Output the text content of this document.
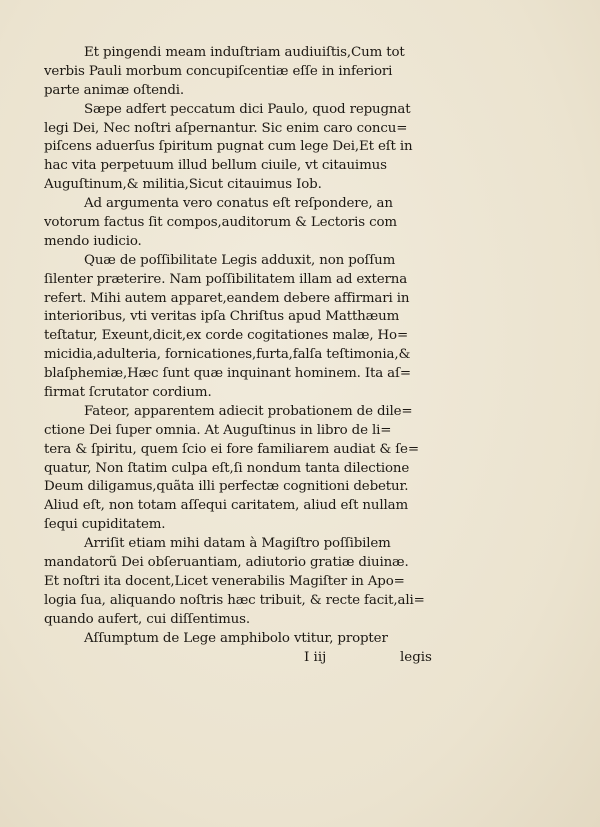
Et pingendi meam induſtriam audiuiſtis,Cum tot
verbis Pauli morbum concupiſcentiæ eſſe in inferiori
parte animæ oſtendi.
Sæpe adfert peccatum dici Paulo, quod repugnat
legi Dei, Nec noſtri aſpernantur. Sic enim caro concu=
piſcens aduerſus ſpiritum pugnat cum lege Dei,Et eſt in
hac vita perpetuum illud bellum ciuile, vt citauimus
Auguſtinum,& militia,Sicut citauimus Iob.
Ad argumenta vero conatus eſt reſpondere, an
votorum factus ſit compos,auditorum & Lectoris com
mendo iudicio.
Quæ de poſſibilitate Legis adduxit, non poſſum
ſilenter præterire. Nam poſſibilitatem illam ad externa
refert. Mihi autem apparet,eandem debere affirmari in
interioribus, vti veritas ipſa Chriſtus apud Matthæum
teſtatur, Exeunt,dicit,ex corde cogitationes malæ, Ho=
micidia,adulteria, fornicationes,furta,falſa teſtimonia,&
blaſphemiæ,Hæc ſunt quæ inquinant hominem. Ita aſ=
firmat ſcrutator cordium.
Fateor, apparentem adiecit probationem de dile=
ctione Dei ſuper omnia. At Auguſtinus in libro de li=
tera & ſpiritu, quem ſcio ei fore familiarem audiat & ſe=
quatur, Non ſtatim culpa eſt,ſi nondum tanta dilectione
Deum diligamus,quãta illi perfectæ cognitioni debetur.
Aliud eſt, non totam aſſequi caritatem, aliud eſt nullam
ſequi cupiditatem.
Arriſit etiam mihi datam à Magiſtro poſſibilem
mandatorũ Dei obſeruantiam, adiutorio gratiæ diuinæ.
Et noſtri ita docent,Licet venerabilis Magiſter in Apo=
logia ſua, aliquando noſtris hæc tribuit, & recte facit,ali=
quando aufert, cui diſſentimus.
Aſſumptum de Lege amphibolo vtitur, propter
I iij	legis
